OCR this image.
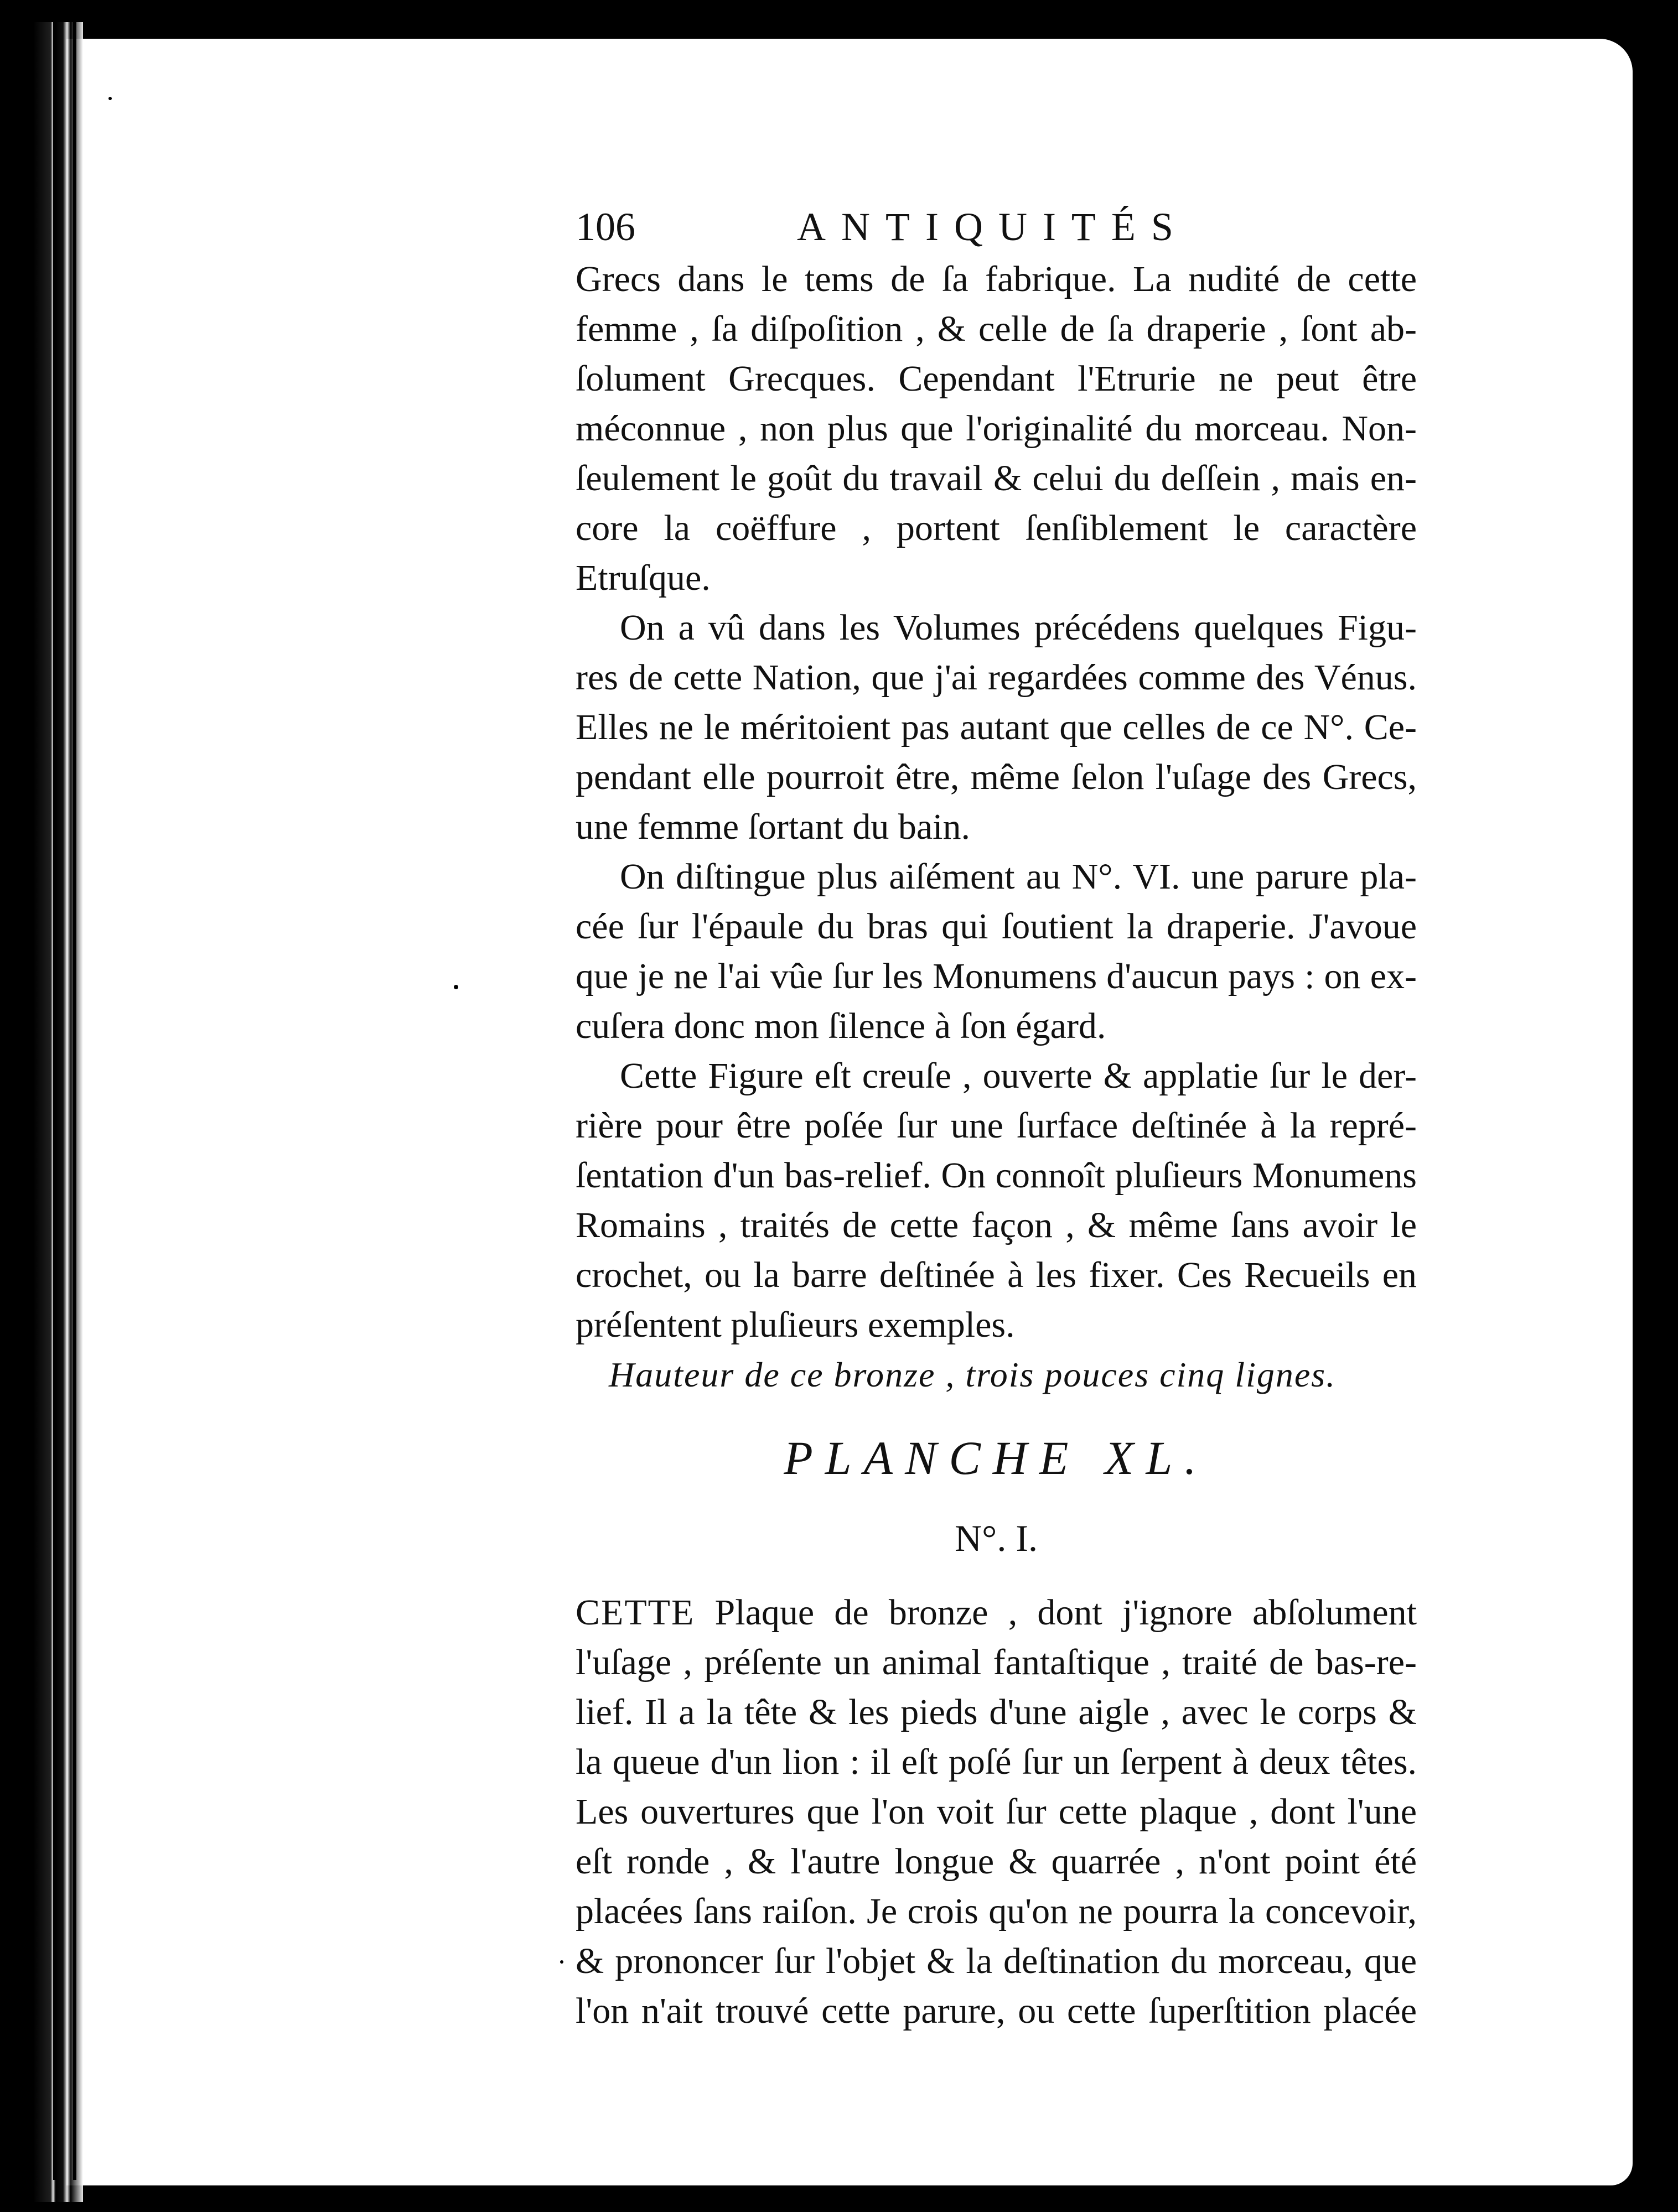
106	ANTIQUITÉS

Grecs dans le tems de ſa fabrique. La nudité de cette
femme , ſa diſpoſition , & celle de ſa draperie , ſont ab-
ſolument Grecques. Cependant l'Etrurie ne peut être
méconnue , non plus que l'originalité du morceau. Non-
ſeulement le goût du travail & celui du deſſein , mais en-
core la coëffure , portent ſenſiblement le caractère
Etruſque.

On a vû dans les Volumes précédens quelques Figu-
res de cette Nation, que j'ai regardées comme des Vénus.
Elles ne le méritoient pas autant que celles de ce N°. Ce-
pendant elle pourroit être, même ſelon l'uſage des Grecs,
une femme ſortant du bain.

On diſtingue plus aiſément au N°. VI. une parure pla-
cée ſur l'épaule du bras qui ſoutient la draperie. J'avoue
que je ne l'ai vûe ſur les Monumens d'aucun pays : on ex-
cuſera donc mon ſilence à ſon égard.

Cette Figure eſt creuſe , ouverte & applatie ſur le der-
rière pour être poſée ſur une ſurface deſtinée à la repré-
ſentation d'un bas-relief. On connoît pluſieurs Monumens
Romains , traités de cette façon , & même ſans avoir le
crochet, ou la barre deſtinée à les fixer. Ces Recueils en
préſentent pluſieurs exemples.

Hauteur de ce bronze , trois pouces cinq lignes.
PLANCHE XL.
N°. I.

CETTE Plaque de bronze , dont j'ignore abſolument
l'uſage , préſente un animal fantaſtique , traité de bas-re-
lief. Il a la tête & les pieds d'une aigle , avec le corps &
la queue d'un lion : il eſt poſé ſur un ſerpent à deux têtes.
Les ouvertures que l'on voit ſur cette plaque , dont l'une
eſt ronde , & l'autre longue & quarrée , n'ont point été
placées ſans raiſon. Je crois qu'on ne pourra la concevoir,
& prononcer ſur l'objet & la deſtination du morceau, que
l'on n'ait trouvé cette parure, ou cette ſuperſtition placée
